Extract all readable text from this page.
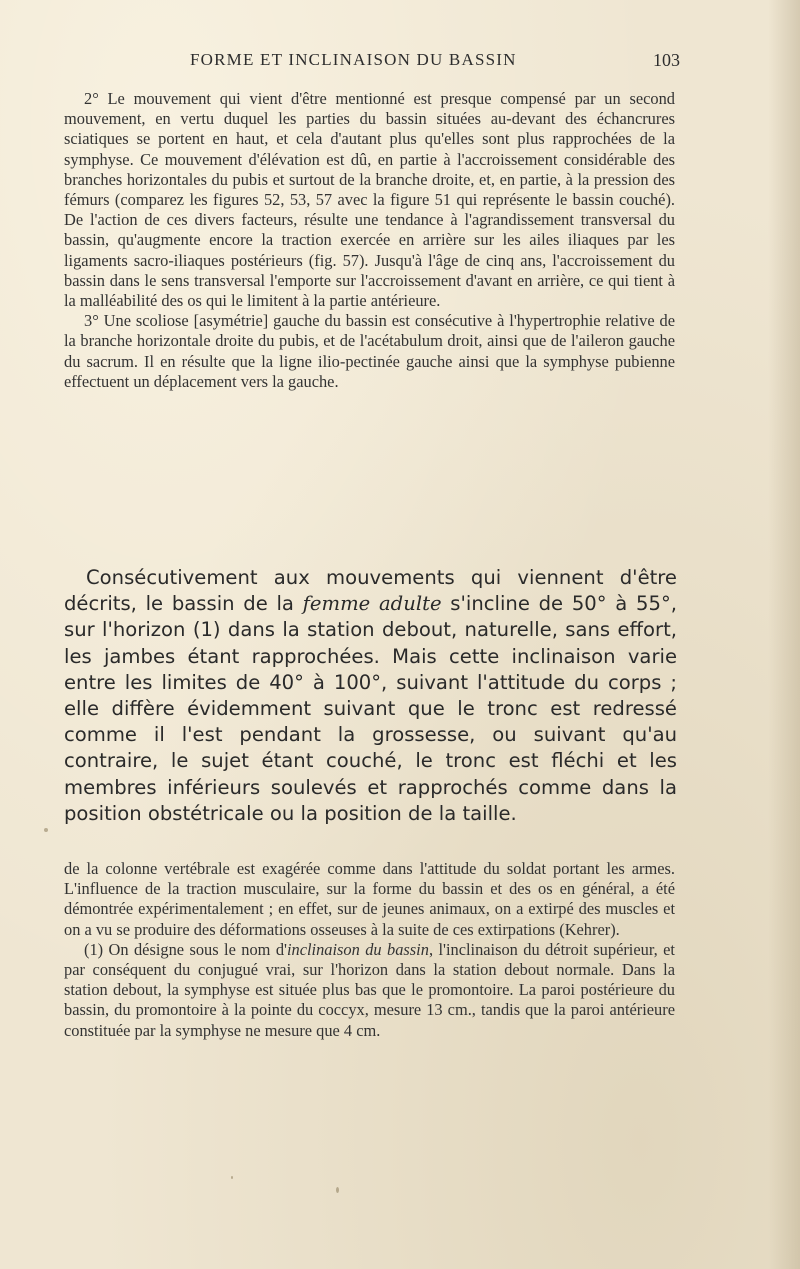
FORME ET INCLINAISON DU BASSIN	103

2° Le mouvement qui vient d'être mentionné est presque compensé par un second mouvement, en vertu duquel les parties du bassin situées au-devant des échancrures sciatiques se portent en haut, et cela d'autant plus qu'elles sont plus rapprochées de la symphyse. Ce mouvement d'élévation est dû, en partie à l'accroissement considérable des branches horizontales du pubis et surtout de la branche droite, et, en partie, à la pression des fémurs (comparez les figures 52, 53, 57 avec la figure 51 qui représente le bassin couché). De l'action de ces divers facteurs, résulte une tendance à l'agrandissement transversal du bassin, qu'augmente encore la traction exercée en arrière sur les ailes iliaques par les ligaments sacro-iliaques postérieurs (fig. 57). Jusqu'à l'âge de cinq ans, l'accroissement du bassin dans le sens transversal l'emporte sur l'accroissement d'avant en arrière, ce qui tient à la malléabilité des os qui le limitent à la partie antérieure.

3° Une scoliose [asymétrie] gauche du bassin est consécutive à l'hypertrophie relative de la branche horizontale droite du pubis, et de l'acétabulum droit, ainsi que de l'aileron gauche du sacrum. Il en résulte que la ligne ilio-pectinée gauche ainsi que la symphyse pubienne effectuent un déplacement vers la gauche.

Consécutivement aux mouvements qui viennent d'être décrits, le bassin de la femme adulte s'incline de 50° à 55°, sur l'horizon (1) dans la station debout, naturelle, sans effort, les jambes étant rapprochées. Mais cette inclinaison varie entre les limites de 40° à 100°, suivant l'attitude du corps ; elle diffère évidemment suivant que le tronc est redressé comme il l'est pendant la grossesse, ou suivant qu'au contraire, le sujet étant couché, le tronc est fléchi et les membres inférieurs soulevés et rapprochés comme dans la position obstétricale ou la position de la taille.

de la colonne vertébrale est exagérée comme dans l'attitude du soldat portant les armes. L'influence de la traction musculaire, sur la forme du bassin et des os en général, a été démontrée expérimentalement ; en effet, sur de jeunes animaux, on a extirpé des muscles et on a vu se produire des déformations osseuses à la suite de ces extirpations (Kehrer).

(1) On désigne sous le nom d'inclinaison du bassin, l'inclinaison du détroit supérieur, et par conséquent du conjugué vrai, sur l'horizon dans la station debout normale. Dans la station debout, la symphyse est située plus bas que le promontoire. La paroi postérieure du bassin, du promontoire à la pointe du coccyx, mesure 13 cm., tandis que la paroi antérieure constituée par la symphyse ne mesure que 4 cm.
